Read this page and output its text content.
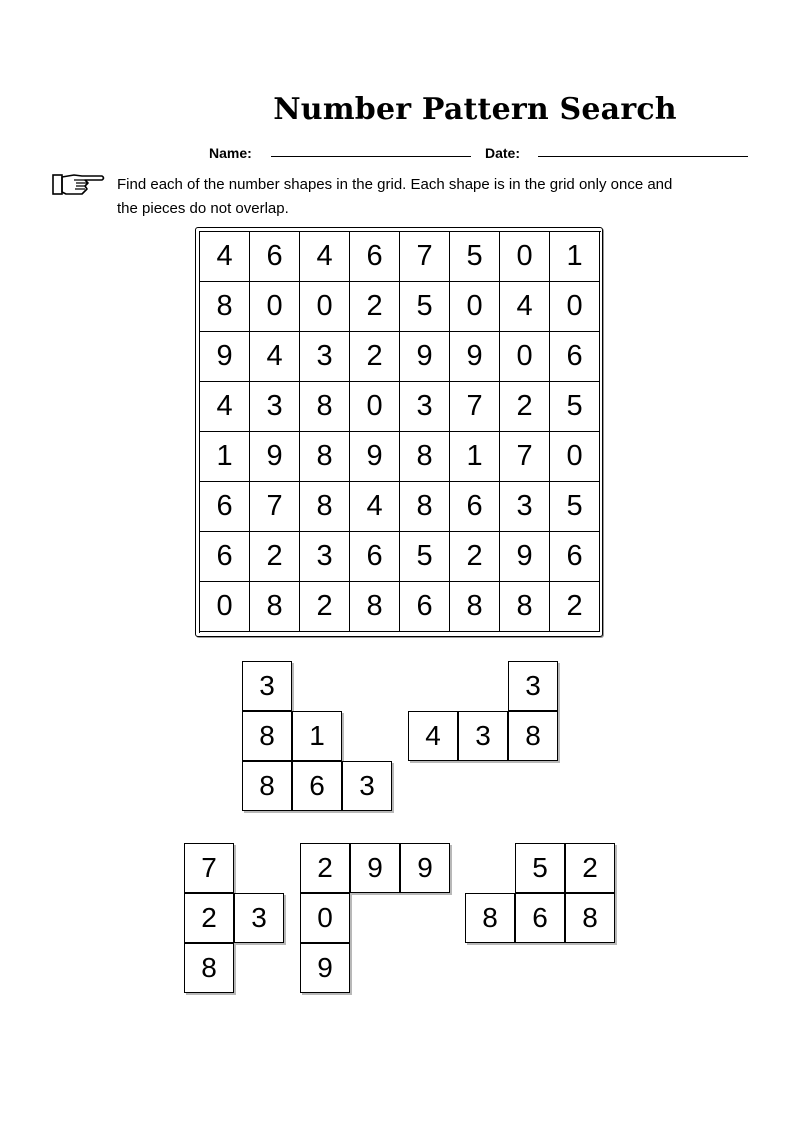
Number Pattern Search
Name:	Date:
Find each of the number shapes in the grid. Each shape is in the grid only once and
the pieces do not overlap.
4	6	4	6	7	5	0	1
8	0	0	2	5	0	4	0
9	4	3	2	9	9	0	6
4	3	8	0	3	7	2	5
1	9	8	9	8	1	7	0
6	7	8	4	8	6	3	5
6	2	3	6	5	2	9	6
0	8	2	8	6	8	8	2
3
8	1
8	6	3
3
4	3	8
7
2	3
8
2	9	9
0
9
5	2
8	6	8
